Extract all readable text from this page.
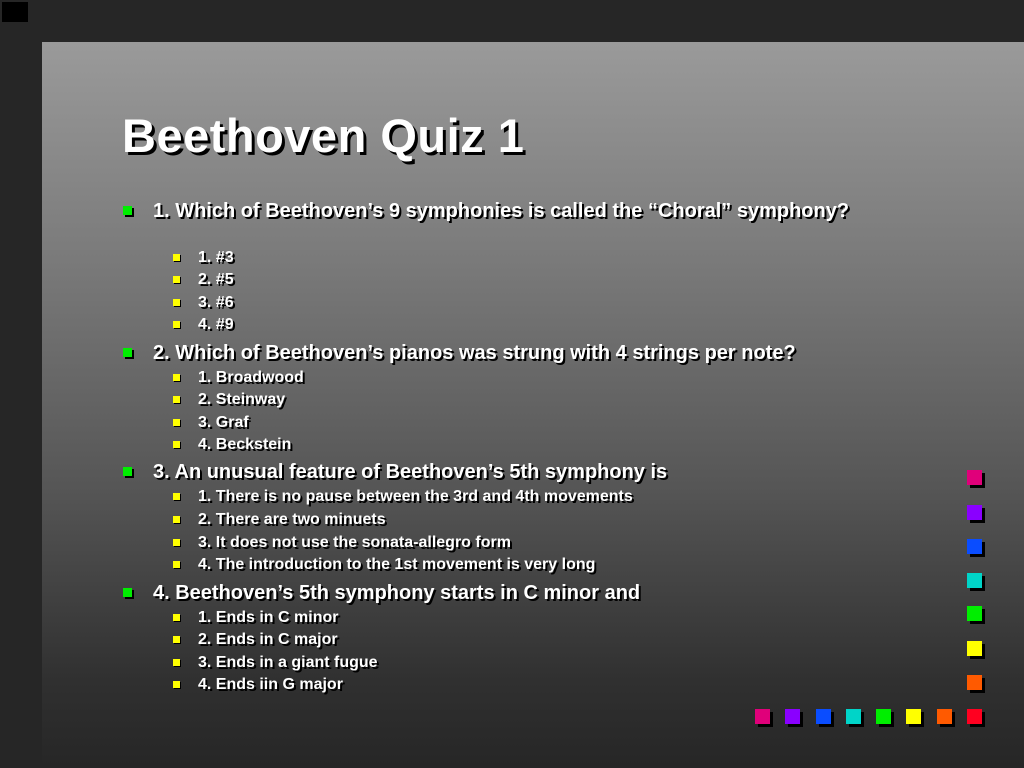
Beethoven Quiz 1
1. Which of Beethoven’s 9 symphonies is called the “Choral” symphony?
1. #3
2. #5
3. #6
4. #9
2. Which of Beethoven’s pianos was strung with 4 strings per note?
1. Broadwood
2. Steinway
3. Graf
4. Beckstein
3. An unusual feature of Beethoven’s 5th symphony is
1. There is no pause between the 3rd and 4th movements
2. There are two minuets
3. It does not use the sonata-allegro form
4. The introduction to the 1st movement is very long
4. Beethoven’s 5th symphony starts in C minor and
1. Ends in C minor
2. Ends in C major
3. Ends in a giant fugue
4. Ends iin G major
